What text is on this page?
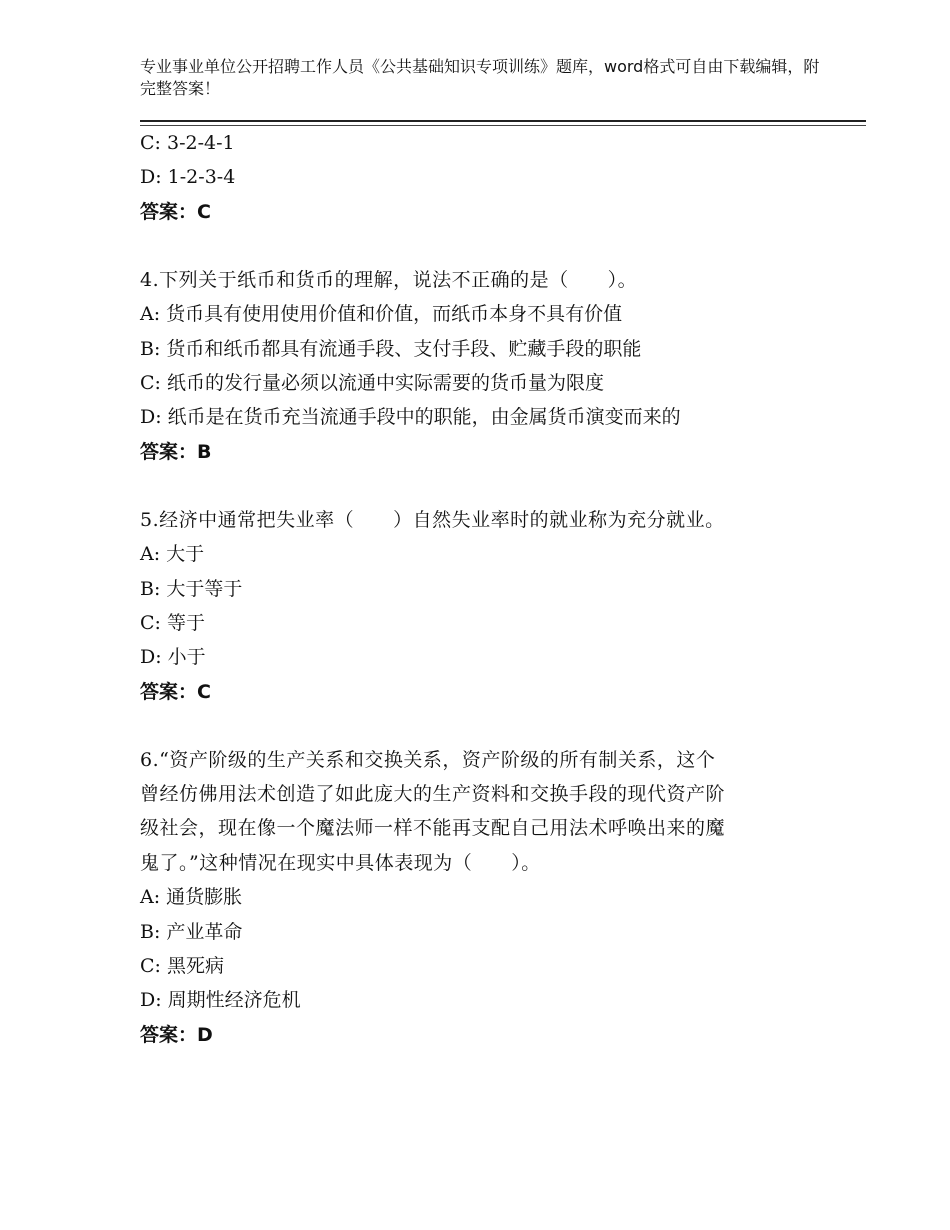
专业事业单位公开招聘工作人员《公共基础知识专项训练》题库，word格式可自由下载编辑，附完整答案！
C: 3-2-4-1
D: 1-2-3-4
答案：C
4.下列关于纸币和货币的理解，说法不正确的是（　　）。
A: 货币具有使用使用价值和价值，而纸币本身不具有价值
B: 货币和纸币都具有流通手段、支付手段、贮藏手段的职能
C: 纸币的发行量必须以流通中实际需要的货币量为限度
D: 纸币是在货币充当流通手段中的职能，由金属货币演变而来的
答案：B
5.经济中通常把失业率（　　）自然失业率时的就业称为充分就业。
A: 大于
B: 大于等于
C: 等于
D: 小于
答案：C
6.“资产阶级的生产关系和交换关系，资产阶级的所有制关系，这个
曾经仿佛用法术创造了如此庞大的生产资料和交换手段的现代资产阶
级社会，现在像一个魔法师一样不能再支配自己用法术呼唤出来的魔
鬼了。”这种情况在现实中具体表现为（　　）。
A: 通货膨胀
B: 产业革命
C: 黑死病
D: 周期性经济危机
答案：D
